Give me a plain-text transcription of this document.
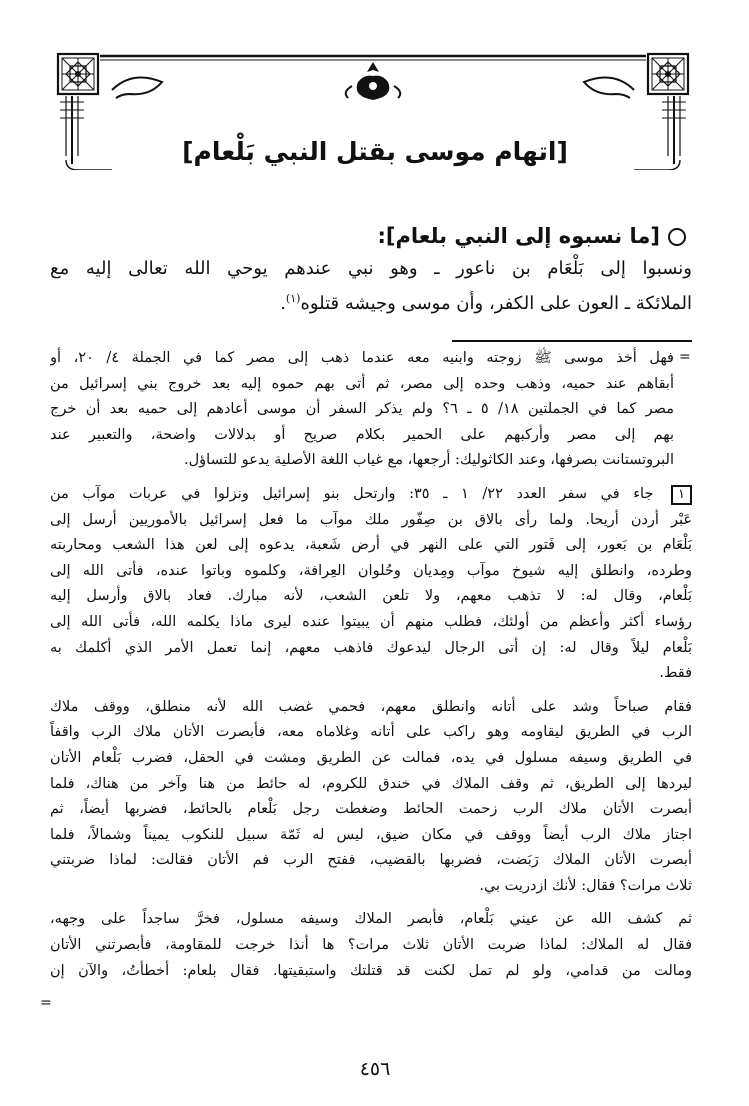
[اتهام موسى بقتل النبي بَلْعام]
[ما نسبوه إلى النبي بلعام]:
ونسبوا إلى بَلْعَام بن ناعور ـ وهو نبي عندهم يوحي الله تعالى إليه مع
الملائكة ـ العون على الكفر، وأن موسى وجيشه قتلوه$^{(١)}$.
=
فهل أخذ موسى ﷺ زوجته وابنيه معه عندما ذهب إلى مصر كما في الجملة ٤/ ٢٠، أو
أبقاهم عند حميه، وذهب وحده إلى مصر، ثم أتى بهم حموه إليه بعد خروج بني إسرائيل من
مصر كما في الجملتين ١٨/ ٥ ـ ٦؟ ولم يذكر السفر أن موسى أعادهم إلى حميه بعد أن خرج
بهم إلى مصر وأركبهم على الحمير بكلام صريح أو بدلالات واضحة، والتعبير عند
البروتستانت بصرفها، وعند الكاثوليك: أرجعها، مع غياب اللغة الأصلية يدعو للتساؤل.
١ جاء في سفر العدد ٢٢/ ١ ـ ٣٥: وارتحل بنو إسرائيل ونزلوا في عربات موآب من
عَبْر أردن أريحا. ولما رأى بالاق بن صِفّور ملك موآب ما فعل إسرائيل بالأموريين أرسل إلى
بَلْعَام بن بَعور، إلى فَتور التي على النهر في أرض شَعبة، يدعوه إلى لعن هذا الشعب ومحاربته
وطرده، وانطلق إليه شيوخ موآب ومِديان وحُلوان العِرافة، وكلموه وباتوا عنده، فأتى الله إلى
بَلْعام، وقال له: لا تذهب معهم، ولا تلعن الشعب، لأنه مبارك. فعاد بالاق وأرسل إليه
رؤساء أكثر وأعظم من أولئك، فطلب منهم أن يبيتوا عنده ليرى ماذا يكلمه الله، فأتى الله إلى
بَلْعام ليلاً وقال له: إن أتى الرجال ليدعوك فاذهب معهم، إنما تعمل الأمر الذي أكلمك به
فقط.
فقام صباحاً وشد على أتانه وانطلق معهم، فحمي غضب الله لأنه منطلق، ووقف ملاك
الرب في الطريق ليقاومه وهو راكب على أتانه وغلاماه معه، فأبصرت الأتان ملاك الرب واقفاً
في الطريق وسيفه مسلول في يده، فمالت عن الطريق ومشت في الحقل، فضرب بَلْعام الأتان
ليردها إلى الطريق، ثم وقف الملاك في خندق للكروم، له حائط من هنا وآخر من هناك، فلما
أبصرت الأتان ملاك الرب زحمت الحائط وضغطت رجل بَلْعام بالحائط، فضربها أيضاً، ثم
اجتاز ملاك الرب أيضاً ووقف في مكان ضيق، ليس له ثَمّة سبيل للنكوب يميناً وشمالاً، فلما
أبصرت الأتان الملاك رَبَضت، فضربها بالقضيب، ففتح الرب فم الأتان فقالت: لماذا ضربتني
ثلاث مرات؟ فقال: لأنك ازدريت بي.
ثم كشف الله عن عيني بَلْعام، فأبصر الملاك وسيفه مسلول، فخرَّ ساجداً على وجهه،
فقال له الملاك: لماذا ضربت الأتان ثلاث مرات؟ ها أنذا خرجت للمقاومة، فأبصرتني الأتان
ومالت من قدامي، ولو لم تمل لكنت قد قتلتك واستبقيتها. فقال بلعام: أخطأتُ، والآن إن
=
٤٥٦
